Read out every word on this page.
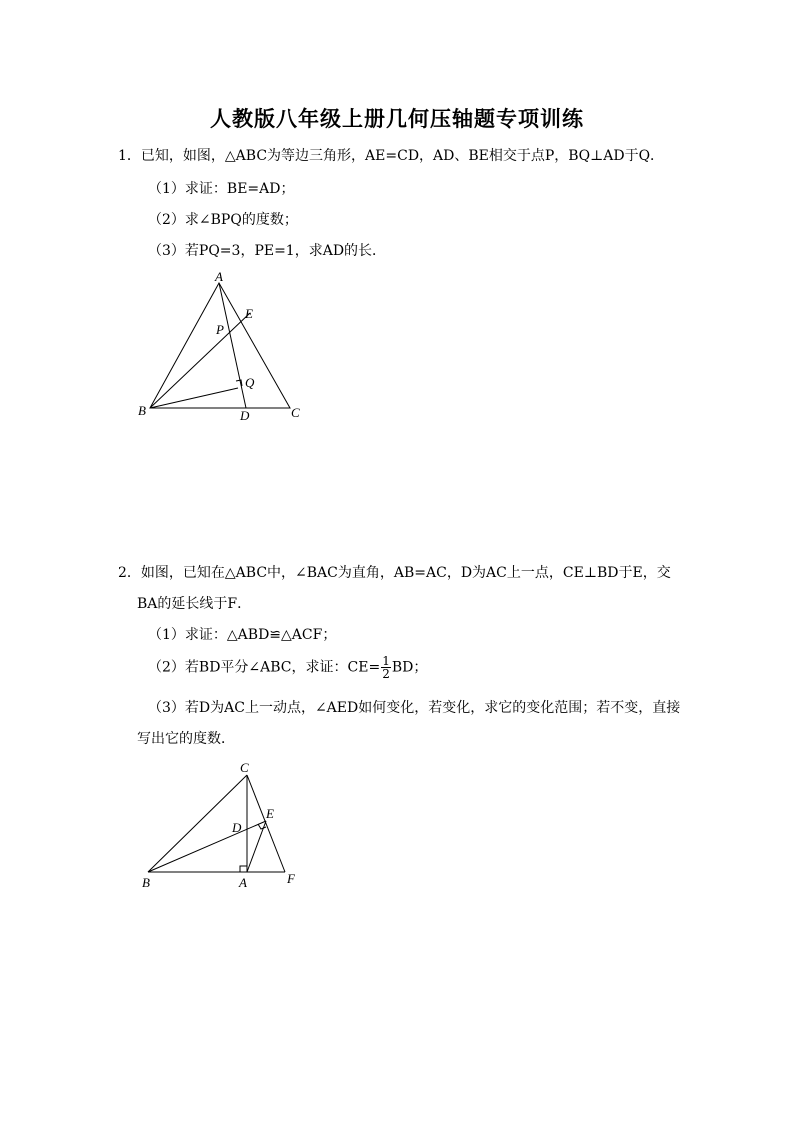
人教版八年级上册几何压轴题专项训练
1．已知，如图，△ABC为等边三角形，AE=CD，AD、BE相交于点P，BQ⊥AD于Q．
（1）求证：BE=AD；
（2）求∠BPQ的度数；
（3）若PQ=3，PE=1，求AD的长．
A
B	C
D
E
P
Q
2．如图，已知在△ABC中，∠BAC为直角，AB=AC，D为AC上一点，CE⊥BD于E，交
BA的延长线于F．
（1）求证：△ABD≌△ACF；
（2）若BD平分∠ABC，求证：$CE= \frac{1}{2}$ BD；
（3）若D为AC上一动点，∠AED如何变化，若变化，求它的变化范围；若不变，直接
写出它的度数．
C
D
E
B	A	F
